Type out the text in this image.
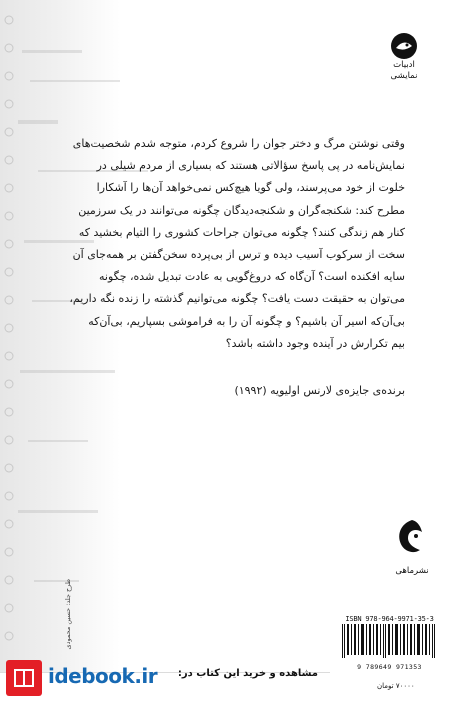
ادبیات
نمایشی
وقتی نوشتن مرگ و دختر جوان را شروع کردم، متوجه شدم شخصیت‌های
نمایش‌نامه در پی پاسخ سؤالاتی هستند که بسیاری از مردم شیلی در
خلوت از خود می‌پرسند، ولی گویا هیچ‌کس نمی‌خواهد آن‌ها را آشکارا
مطرح کند: شکنجه‌گران و شکنجه‌دیدگان چگونه می‌توانند در یک سرزمین
کنار هم زندگی کنند؟ چگونه می‌توان جراحات کشوری را التیام بخشید که
سخت از سرکوب آسیب دیده و ترس از بی‌پرده سخن‌گفتن بر همه‌جای آن
سایه افکنده است؟ آن‌گاه که دروغ‌گویی به عادت تبدیل شده، چگونه
می‌توان به حقیقت دست یافت؟ چگونه می‌توانیم گذشته را زنده نگه داریم،
بی‌آن‌که اسیر آن باشیم؟ و چگونه آن را به فراموشی بسپاریم، بی‌آن‌که
بیم تکرارش در آینده وجود داشته باشد؟
برنده‌ی جایزه‌ی لارنس اولیویه (۱۹۹۲)
نشرماهی
طرح جلد: حسین محمودی	ISBN 978-964-9971-35-3
9 789649 971353
۷۰۰۰۰ تومان
idebook.ir مشاهده و خرید این کتاب در:
